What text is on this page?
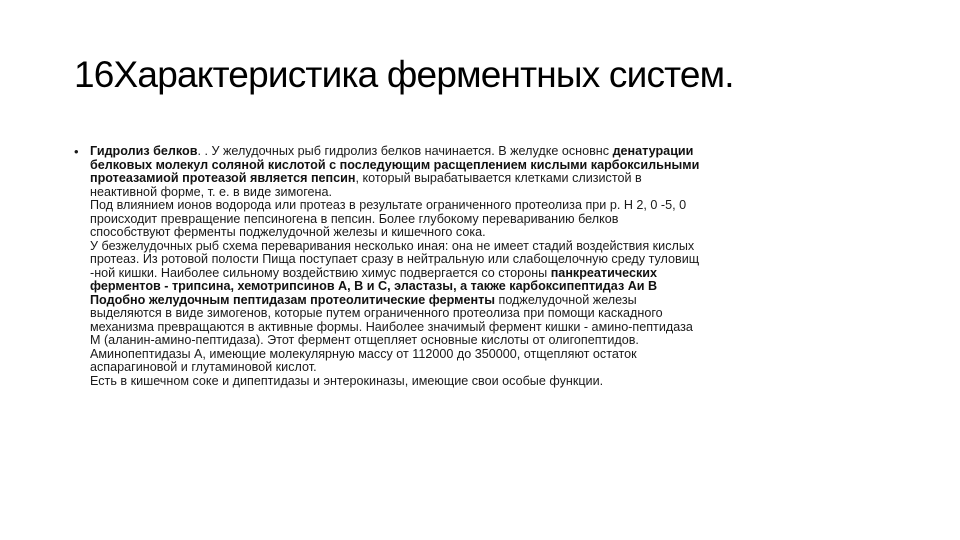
16Характеристика ферментных систем.
• Гидролиз белков. . У желудочных рыб гидролиз белков начинается. В желудке основнс денатурации
белковых молекул соляной кислотой с последующим расщеплением кислыми карбоксильными
протеазамиой протеазой является пепсин, который вырабатывается клетками слизистой в
неактивной форме, т. е. в виде зимогена.
Под влиянием ионов водорода или протеаз в результате ограниченного протеолиза при р. Н 2, 0 -5, 0
происходит превращение пепсиногена в пепсин. Более глубокому перевариванию белков
способствуют ферменты поджелудочной железы и кишечного сока.
У безжелудочных рыб схема переваривания несколько иная: она не имеет стадий воздействия кислых
протеаз. Из ротовой полости Пища поступает сразу в нейтральную или слабощелочную среду туловищ
-ной кишки. Наиболее сильному воздействию химус подвергается со стороны панкреатических
ферментов - трипсина, хемотрипсинов А, В и С, эластазы, а также карбоксипептидаз Аи В
Подобно желудочным пептидазам протеолитические ферменты поджелудочной железы
выделяются в виде зимогенов, которые путем ограниченного протеолиза при помощи каскадного
механизма превращаются в активные формы. Наиболее значимый фермент кишки - амино-пептидаза
М (аланин-амино-пептидаза). Этот фермент отщепляет основные кислоты от олигопептидов.
Аминопептидазы А, имеющие молекулярную массу от 112000 до 350000, отщепляют остаток
аспарагиновой и глутаминовой кислот.
Есть в кишечном соке и дипептидазы и энтерокиназы, имеющие свои особые функции.
